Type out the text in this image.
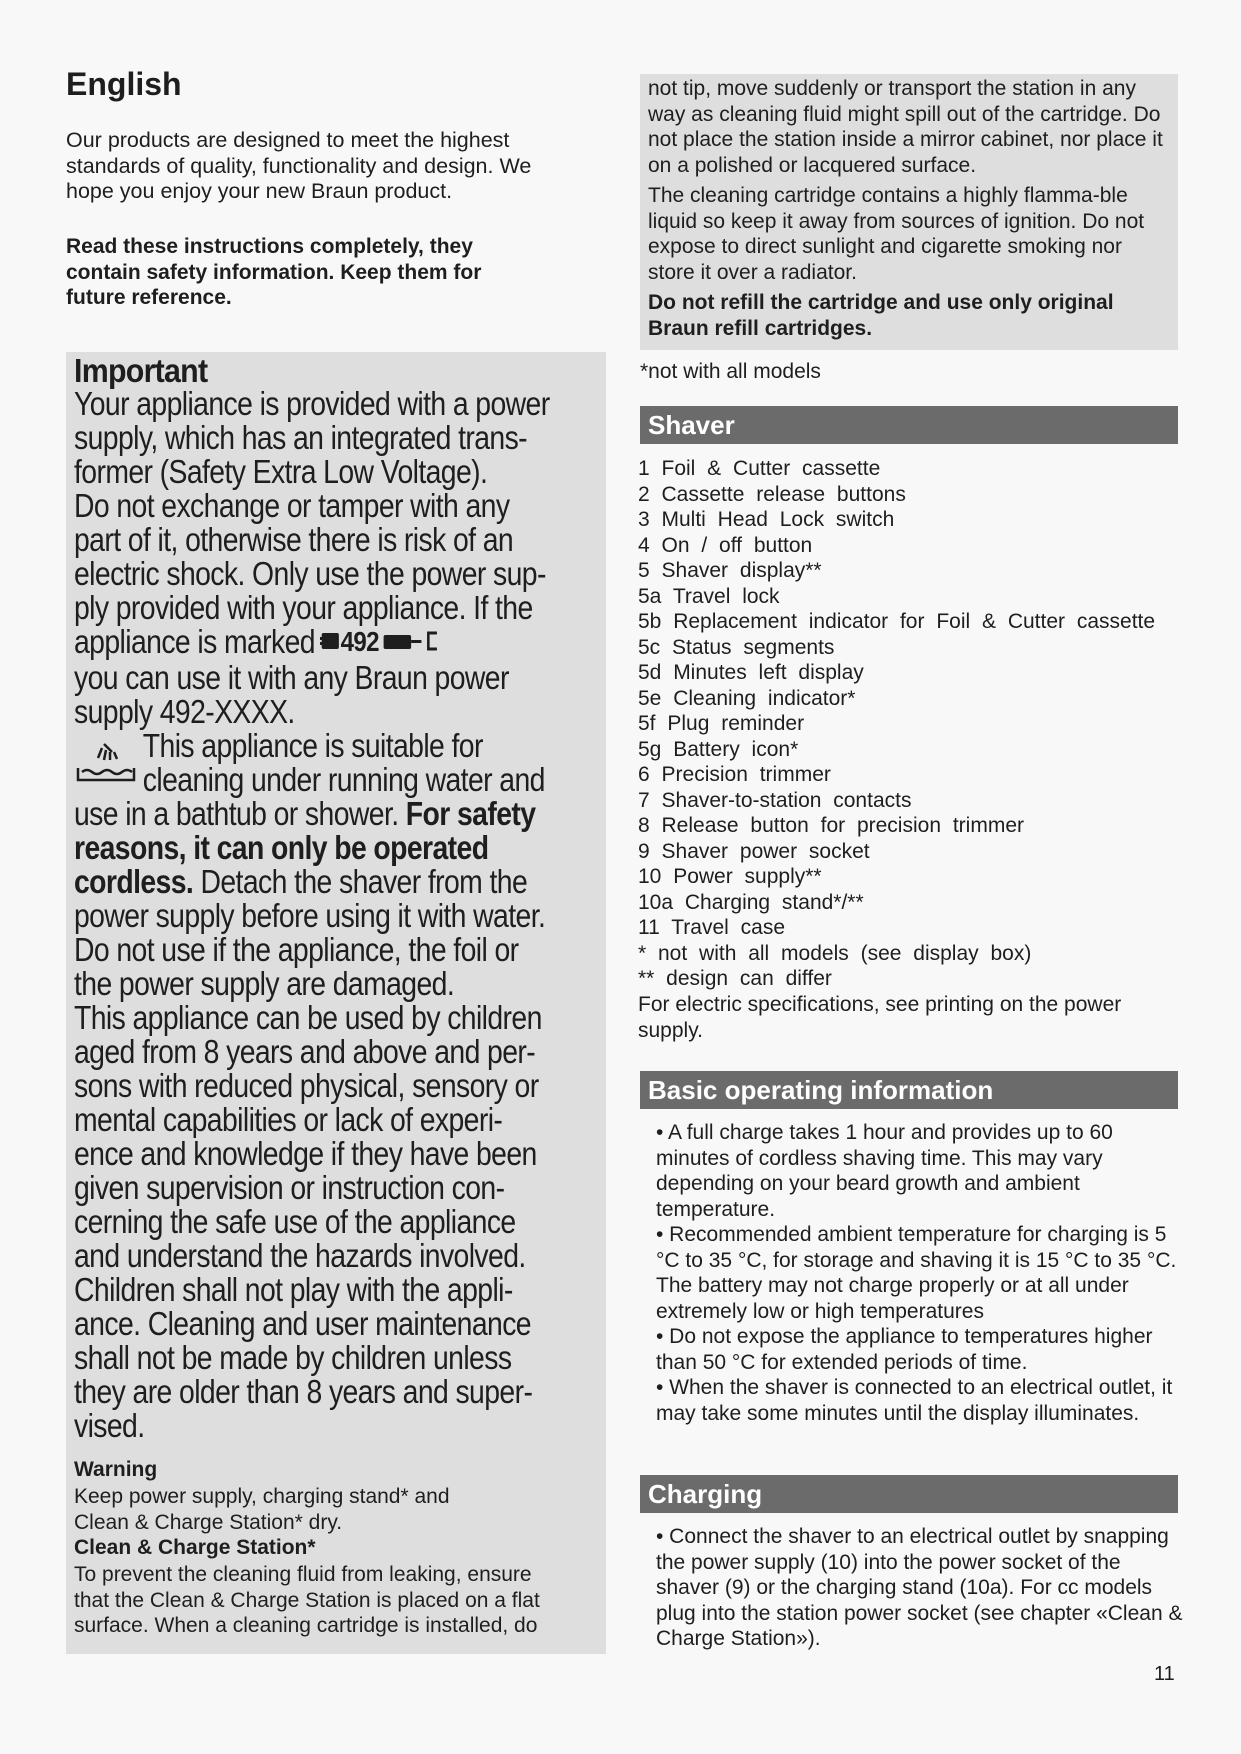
English
Our products are designed to meet the highest
standards of quality, functionality and design. We
hope you enjoy your new Braun product.
Read these instructions completely, they
contain safety information. Keep them for
future reference.
Important

Your appliance is provided with a power

supply, which has an integrated trans-

former (Safety Extra Low Voltage).

Do not exchange or tamper with any

part of it, otherwise there is risk of an

electric shock. Only use the power sup-

ply provided with your appliance. If the

appliance is marked 492

you can use it with any Braun power

supply 492-XXXX.

This appliance is suitable for

cleaning under running water and

use in a bathtub or shower. For safety

reasons, it can only be operated

cordless. Detach the shaver from the

power supply before using it with water.

Do not use if the appliance, the foil or

the power supply are damaged.

This appliance can be used by children

aged from 8 years and above and per-

sons with reduced physical, sensory or

mental capabilities or lack of experi-

ence and knowledge if they have been

given supervision or instruction con-

cerning the safe use of the appliance

and understand the hazards involved.

Children shall not play with the appli-

ance. Cleaning and user maintenance

shall not be made by children unless

they are older than 8 years and super-

vised.

Warning
Keep power supply, charging stand* and
Clean & Charge Station* dry.
Clean & Charge Station*
To prevent the cleaning fluid from leaking, ensure
that the Clean & Charge Station is placed on a flat
surface. When a cleaning cartridge is installed, do

not tip, move suddenly or transport the station in any way as cleaning fluid might spill out of the cartridge. Do not place the station inside a mirror cabinet, nor place it on a polished or lacquered surface.

The cleaning cartridge contains a highly flamma-ble liquid so keep it away from sources of ignition. Do not expose to direct sunlight and cigarette smoking nor store it over a radiator.

Do not refill the cartridge and use only original Braun refill cartridges.

*not with all models
Shaver
1 Foil & Cutter cassette
2 Cassette release buttons
3 Multi Head Lock switch
4 On / off button
5 Shaver display**
5a Travel lock
5b Replacement indicator for Foil & Cutter cassette
5c Status segments
5d Minutes left display
5e Cleaning indicator*
5f Plug reminder
5g Battery icon*
6 Precision trimmer
7 Shaver-to-station contacts
8 Release button for precision trimmer
9 Shaver power socket
10 Power supply**
10a Charging stand*/**
11 Travel case
* not with all models (see display box)
** design can differ
For electric specifications, see printing on the power supply.
Basic operating information
• A full charge takes 1 hour and provides up to 60 minutes of cordless shaving time. This may vary depending on your beard growth and ambient temperature.
• Recommended ambient temperature for charging is 5 °C to 35 °C, for storage and shaving it is 15 °C to 35 °C. The battery may not charge properly or at all under extremely low or high temperatures
• Do not expose the appliance to temperatures higher than 50 °C for extended periods of time.
• When the shaver is connected to an electrical outlet, it may take some minutes until the display illuminates.
Charging
• Connect the shaver to an electrical outlet by snapping the power supply (10) into the power socket of the shaver (9) or the charging stand (10a). For cc models plug into the station power socket (see chapter «Clean & Charge Station»).
11
